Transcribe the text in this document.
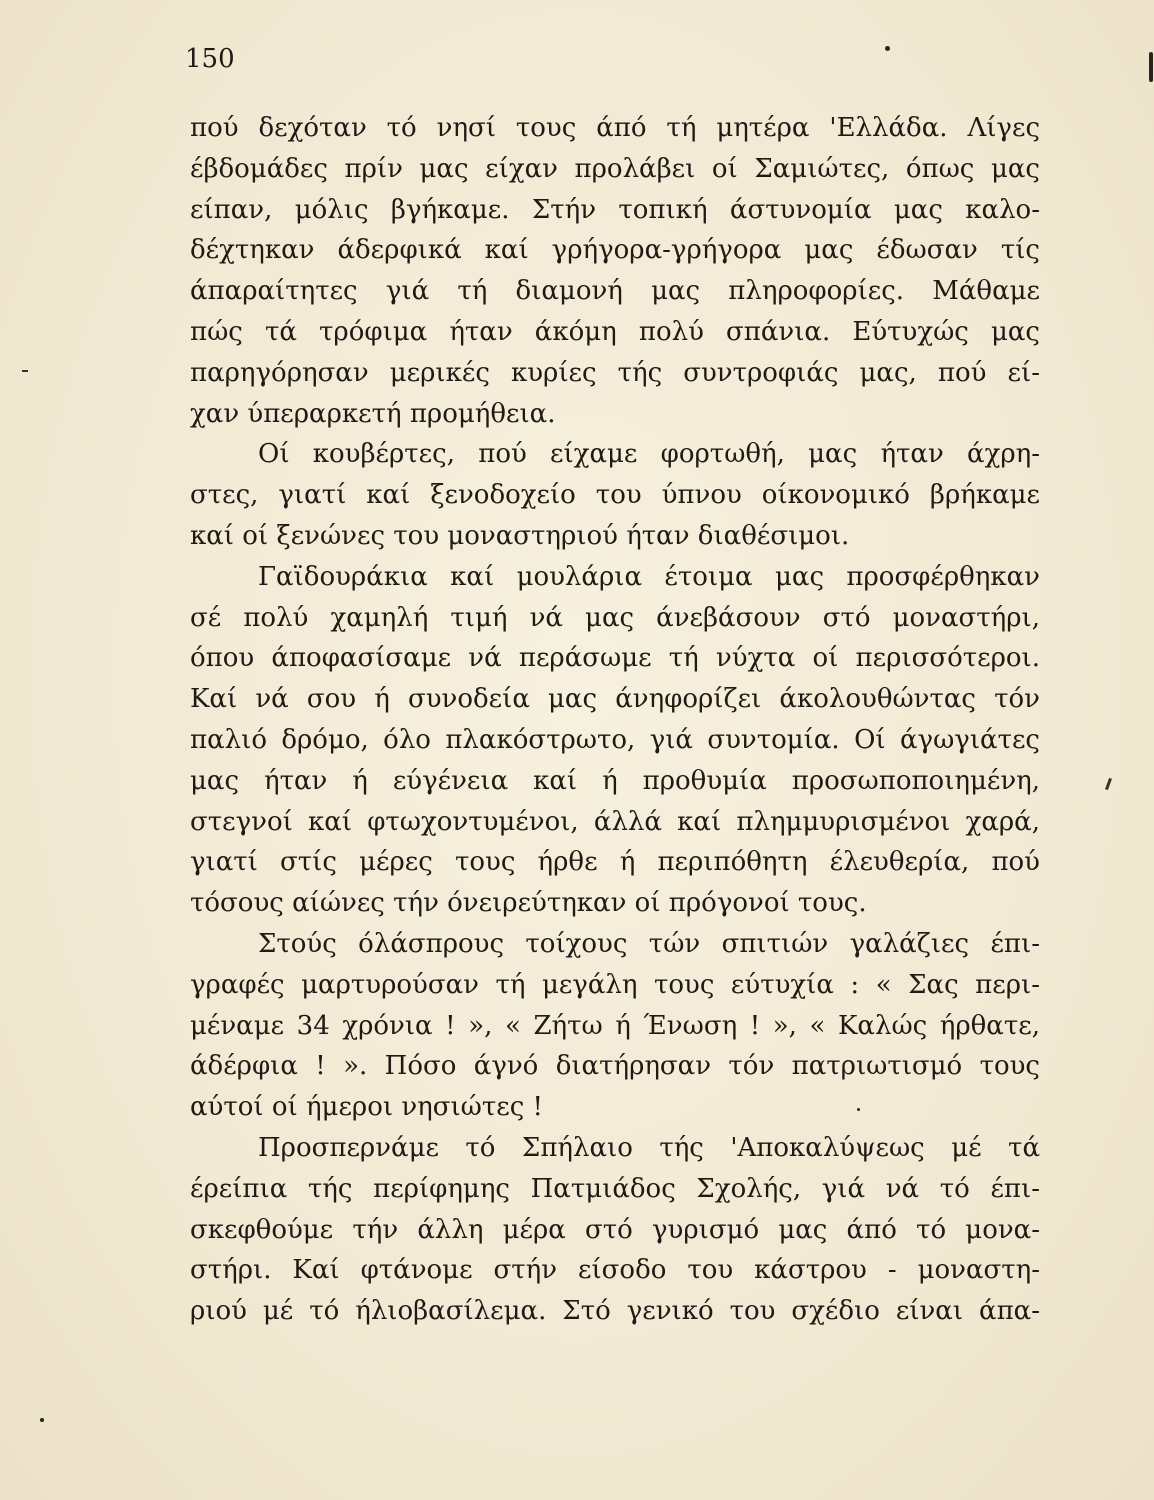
150
πού δεχόταν τό νησί τους άπό τή μητέρα 'Ελλάδα. Λίγες
έβδομάδες πρίν μας είχαν προλάβει οί Σαμιώτες, όπως μας
είπαν, μόλις βγήκαμε. Στήν τοπική άστυνομία μας καλο-
δέχτηκαν άδερφικά καί γρήγορα-γρήγορα μας έδωσαν τίς
άπαραίτητες γιά τή διαμονή μας πληροφορίες. Μάθαμε
πώς τά τρόφιμα ήταν άκόμη πολύ σπάνια. Εύτυχώς μας
παρηγόρησαν μερικές κυρίες τής συντροφιάς μας, πού εί-
χαν ύπεραρκετή προμήθεια.
Οί κουβέρτες, πού είχαμε φορτωθή, μας ήταν άχρη-
στες, γιατί καί ξενοδοχείο του ύπνου οίκονομικό βρήκαμε
καί οί ξενώνες του μοναστηριού ήταν διαθέσιμοι.
Γαϊδουράκια καί μουλάρια έτοιμα μας προσφέρθηκαν
σέ πολύ χαμηλή τιμή νά μας άνεβάσουν στό μοναστήρι,
όπου άποφασίσαμε νά περάσωμε τή νύχτα οί περισσότεροι.
Καί νά σου ή συνοδεία μας άνηφορίζει άκολουθώντας τόν
παλιό δρόμο, όλο πλακόστρωτο, γιά συντομία. Οί άγωγιάτες
μας ήταν ή εύγένεια καί ή προθυμία προσωποποιημένη,
στεγνοί καί φτωχοντυμένοι, άλλά καί πλημμυρισμένοι χαρά,
γιατί στίς μέρες τους ήρθε ή περιπόθητη έλευθερία, πού
τόσους αίώνες τήν όνειρεύτηκαν οί πρόγονοί τους.
Στούς όλάσπρους τοίχους τών σπιτιών γαλάζιες έπι-
γραφές μαρτυρούσαν τή μεγάλη τους εύτυχία : « Σας περι-
μέναμε 34 χρόνια ! », « Ζήτω ή Ένωση ! », « Καλώς ήρθατε,
άδέρφια ! ». Πόσο άγνό διατήρησαν τόν πατριωτισμό τους
αύτοί οί ήμεροι νησιώτες !
Προσπερνάμε τό Σπήλαιο τής 'Αποκαλύψεως μέ τά
έρείπια τής περίφημης Πατμιάδος Σχολής, γιά νά τό έπι-
σκεφθούμε τήν άλλη μέρα στό γυρισμό μας άπό τό μονα-
στήρι. Καί φτάνομε στήν είσοδο του κάστρου - μοναστη-
ριού μέ τό ήλιοβασίλεμα. Στό γενικό του σχέδιο είναι άπα-
